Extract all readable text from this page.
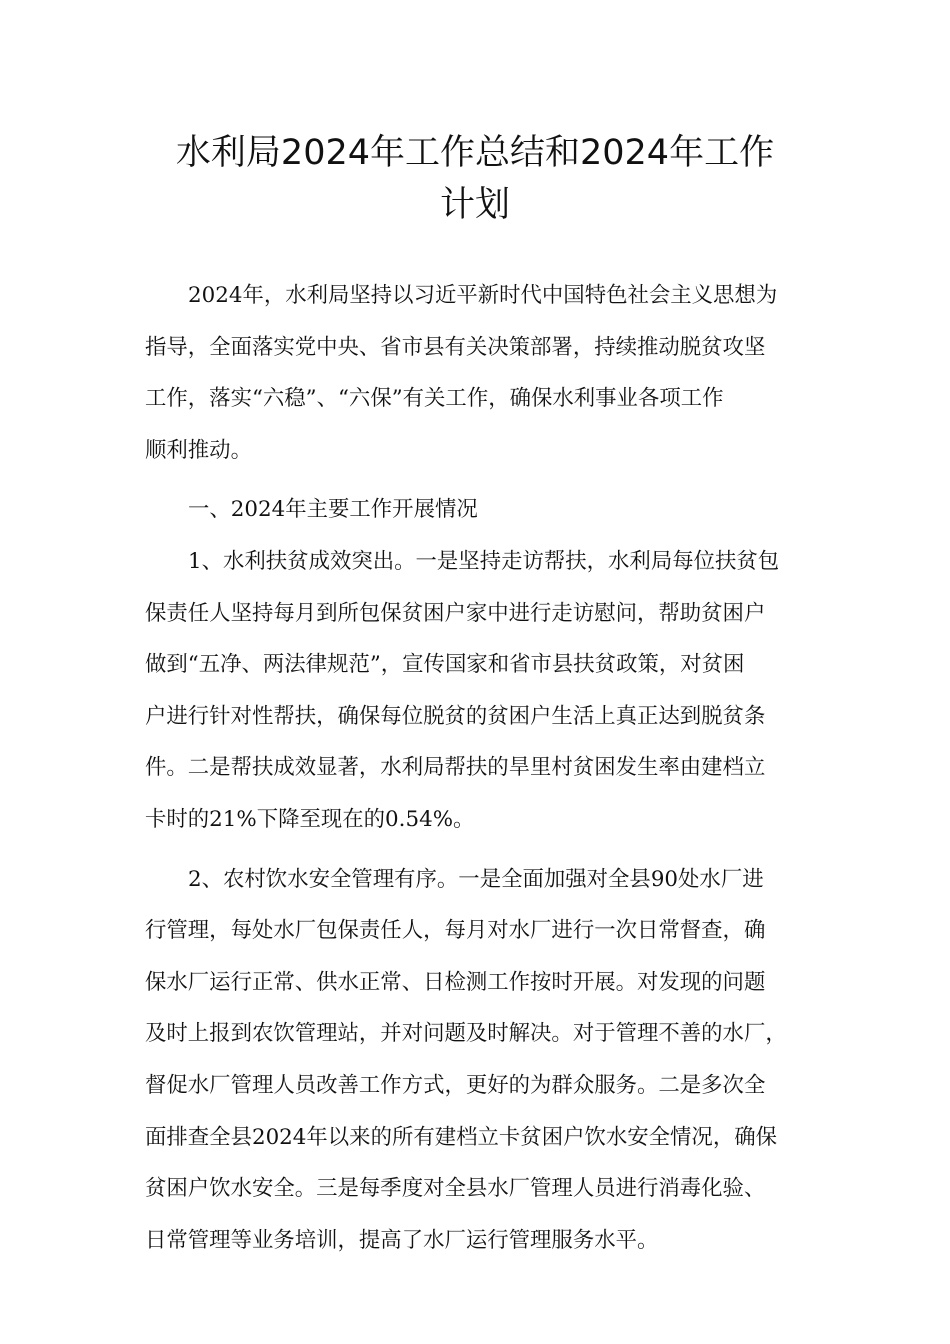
水利局2024年工作总结和2024年工作
计划
2024年，水利局坚持以习近平新时代中国特色社会主义思想为
指导，全面落实党中央、省市县有关决策部署，持续推动脱贫攻坚
工作，落实“六稳”、“六保”有关工作，确保水利事业各项工作
顺利推动。
一、2024年主要工作开展情况
1、水利扶贫成效突出。一是坚持走访帮扶，水利局每位扶贫包
保责任人坚持每月到所包保贫困户家中进行走访慰问，帮助贫困户
做到“五净、两法律规范”，宣传国家和省市县扶贫政策，对贫困
户进行针对性帮扶，确保每位脱贫的贫困户生活上真正达到脱贫条
件。二是帮扶成效显著，水利局帮扶的旱里村贫困发生率由建档立
卡时的21%下降至现在的0.54%。
2、农村饮水安全管理有序。一是全面加强对全县90处水厂进
行管理，每处水厂包保责任人，每月对水厂进行一次日常督查，确
保水厂运行正常、供水正常、日检测工作按时开展。对发现的问题
及时上报到农饮管理站，并对问题及时解决。对于管理不善的水厂，
督促水厂管理人员改善工作方式，更好的为群众服务。二是多次全
面排查全县2024年以来的所有建档立卡贫困户饮水安全情况，确保
贫困户饮水安全。三是每季度对全县水厂管理人员进行消毒化验、
日常管理等业务培训，提高了水厂运行管理服务水平。
